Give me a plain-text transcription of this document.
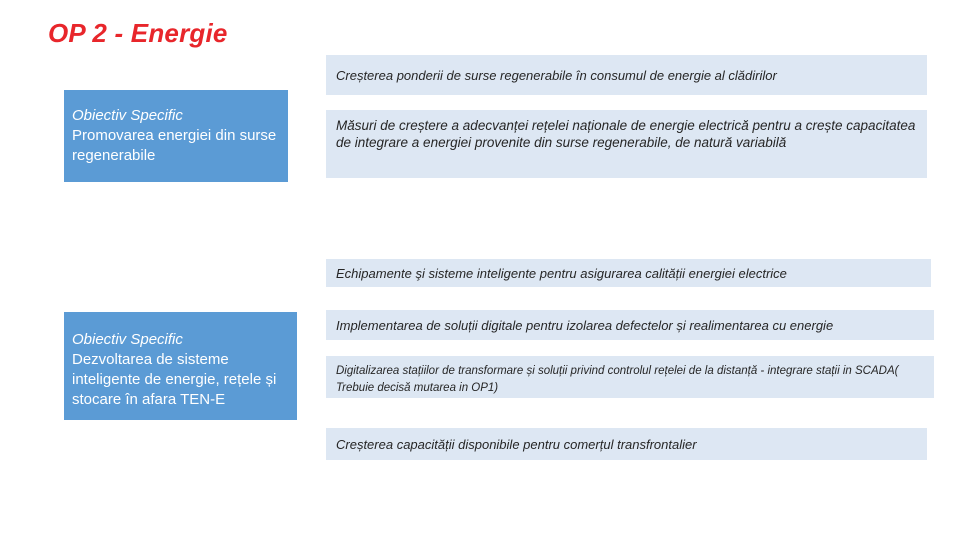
OP 2 - Energie
Obiectiv Specific
Promovarea energiei din surse regenerabile
Obiectiv Specific
Dezvoltarea de sisteme inteligente de energie, rețele și stocare în afara TEN-E
Creșterea ponderii de surse regenerabile în consumul de energie al clădirilor
Măsuri de creștere a adecvanței rețelei naționale de energie electrică pentru a crește capacitatea de integrare a energiei provenite din surse regenerabile, de natură variabilă
Echipamente şi sisteme inteligente pentru asigurarea calității energiei electrice
Implementarea de soluții digitale pentru izolarea defectelor și realimentarea cu energie
Digitalizarea stațiilor de transformare și soluții privind controlul rețelei de la distanță - integrare stații in SCADA( Trebuie decisă mutarea in OP1)
Creșterea capacității disponibile pentru comerțul transfrontalier
